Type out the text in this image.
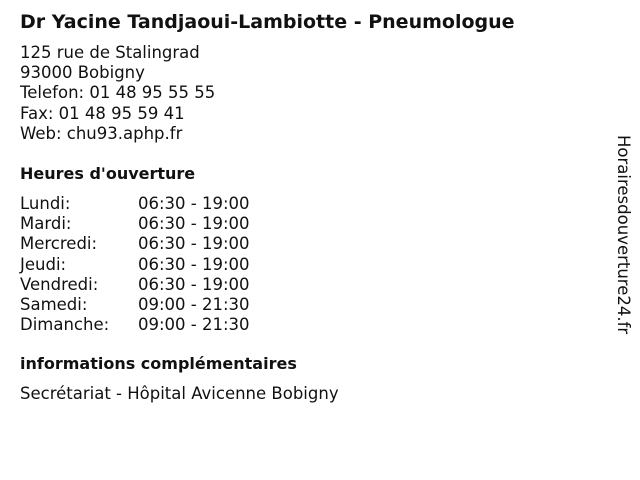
Dr Yacine Tandjaoui-Lambiotte - Pneumologue
125 rue de Stalingrad
93000 Bobigny
Telefon: 01 48 95 55 55
Fax: 01 48 95 59 41
Web: chu93.aphp.fr
Heures d'ouverture
Lundi:	06:30 - 19:00
Mardi:	06:30 - 19:00
Mercredi: 06:30 - 19:00
Jeudi:	06:30 - 19:00
Vendredi: 06:30 - 19:00
Samedi:	09:00 - 21:30
Dimanche: 09:00 - 21:30
informations complémentaires
Secrétariat - Hôpital Avicenne Bobigny
Horairesdouverture24.fr
